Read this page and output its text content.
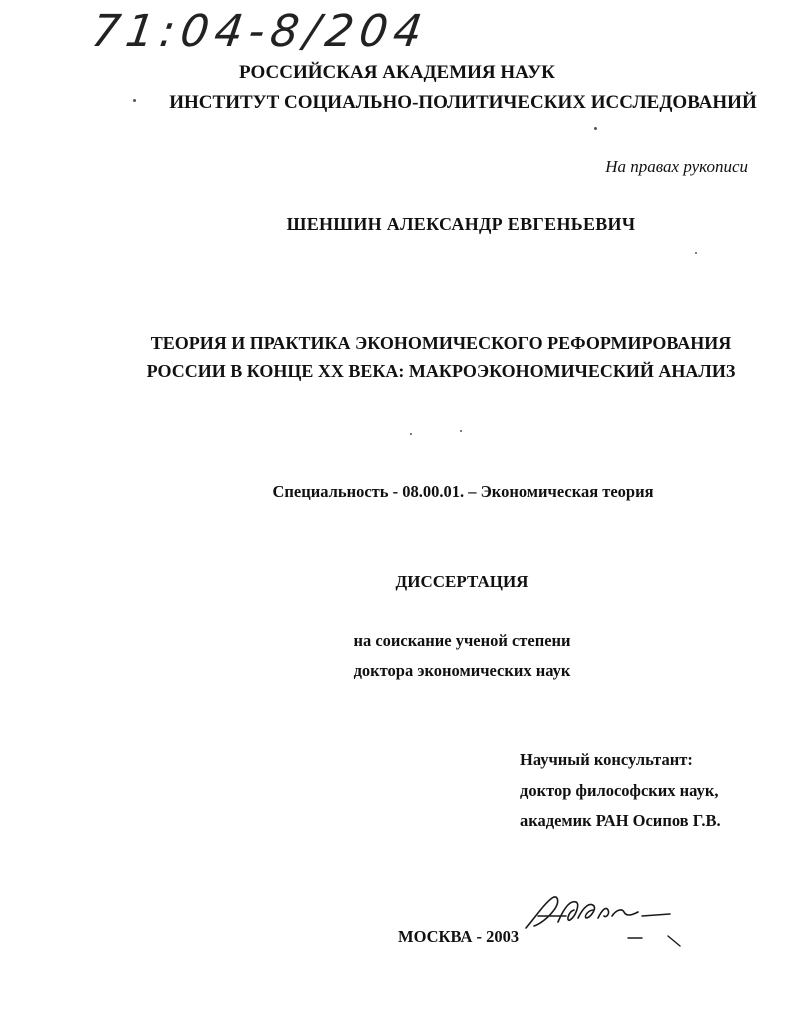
71:04-8/204
РОССИЙСКАЯ АКАДЕМИЯ НАУК
ИНСТИТУТ СОЦИАЛЬНО-ПОЛИТИЧЕСКИХ ИССЛЕДОВАНИЙ
На правах рукописи
ШЕНШИН АЛЕКСАНДР ЕВГЕНЬЕВИЧ
ТЕОРИЯ И ПРАКТИКА ЭКОНОМИЧЕСКОГО РЕФОРМИРОВАНИЯ
РОССИИ В КОНЦЕ XX ВЕКА: МАКРОЭКОНОМИЧЕСКИЙ АНАЛИЗ
Специальность - 08.00.01. – Экономическая теория
ДИССЕРТАЦИЯ
на соискание ученой степени
доктора экономических наук
Научный консультант:
доктор философских наук,
академик РАН Осипов Г.В.
МОСКВА - 2003
